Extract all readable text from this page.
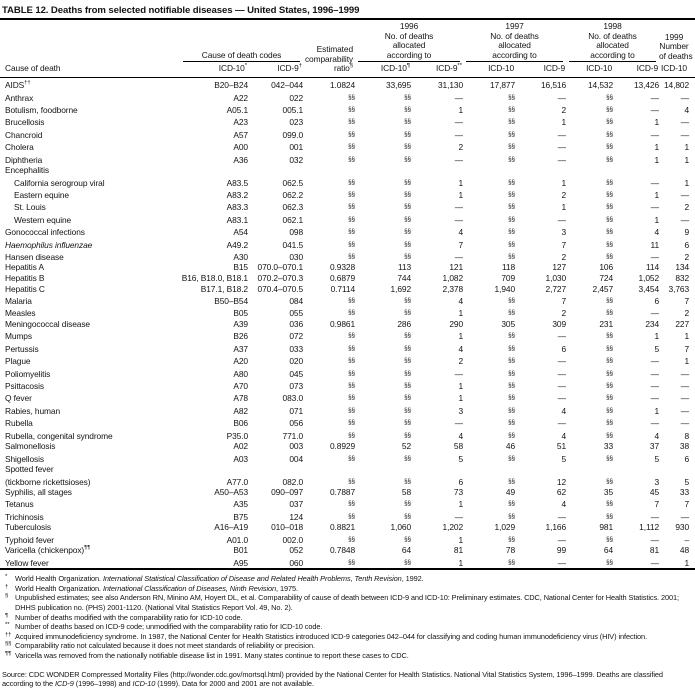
TABLE 12. Deaths from selected notifiable diseases — United States, 1996–1999
Cause of death	
Cause of death codes

Estimated
comparability
ratio§

1996
No. of deaths
allocated
according to

1997
No. of deaths
allocated
according to

1998
No. of deaths
allocated
according to

1999
Number
of deaths
ICD-10

	ICD-10*	ICD-9†		ICD-10¶	ICD-9**	ICD-10	ICD-9	ICD-10	ICD-9	
AIDS††	B20–B24	042–044	1.0824	33,695	31,130	17,877	16,516	14,532	13,426	14,802
Anthrax	A22	022	§§	§§	—	§§	—	§§	—	—
Botulism, foodborne	A05.1	005.1	§§	§§	1	§§	2	§§	—	4
Brucellosis	A23	023	§§	§§	—	§§	1	§§	1	—
Chancroid	A57	099.0	§§	§§	—	§§	—	§§	—	—
Cholera	A00	001	§§	§§	2	§§	—	§§	1	1
Diphtheria	A36	032	§§	§§	—	§§	—	§§	1	1
Encephalitis										
California serogroup viral	A83.5	062.5	§§	§§	1	§§	1	§§	—	1
Eastern equine	A83.2	062.2	§§	§§	1	§§	2	§§	1	—
St. Louis	A83.3	062.3	§§	§§	—	§§	1	§§	—	2
Western equine	A83.1	062.1	§§	§§	—	§§	—	§§	1	—
Gonococcal infections	A54	098	§§	§§	4	§§	3	§§	4	9
Haemophilus influenzae	A49.2	041.5	§§	§§	7	§§	7	§§	11	6
Hansen disease	A30	030	§§	§§	—	§§	2	§§	—	2
Hepatitis A	B15	070.0–070.1	0.9328	113	121	118	127	106	114	134
Hepatitis B	B16, B18.0, B18.1	070.2–070.3	0.6879	744	1,082	709	1,030	724	1,052	832
Hepatitis C	B17.1, B18.2	070.4–070.5	0.7114	1,692	2,378	1,940	2,727	2,457	3,454	3,763
Malaria	B50–B54	084	§§	§§	4	§§	7	§§	6	7
Measles	B05	055	§§	§§	1	§§	2	§§	—	2
Meningococcal disease	A39	036	0.9861	286	290	305	309	231	234	227
Mumps	B26	072	§§	§§	1	§§	—	§§	1	1
Pertussis	A37	033	§§	§§	4	§§	6	§§	5	7
Plague	A20	020	§§	§§	2	§§	—	§§	—	1
Poliomyelitis	A80	045	§§	§§	—	§§	—	§§	—	—
Psittacosis	A70	073	§§	§§	1	§§	—	§§	—	—
Q fever	A78	083.0	§§	§§	1	§§	—	§§	—	—
Rabies, human	A82	071	§§	§§	3	§§	4	§§	1	—
Rubella	B06	056	§§	§§	—	§§	—	§§	—	—
Rubella, congenital syndrome	P35.0	771.0	§§	§§	4	§§	4	§§	4	8
Salmonellosis	A02	003	0.8929	52	58	46	51	33	37	38
Shigellosis	A03	004	§§	§§	5	§§	5	§§	5	6
Spotted fever										
(tickborne rickettsioses)	A77.0	082.0	§§	§§	6	§§	12	§§	3	5
Syphilis, all stages	A50–A53	090–097	0.7887	58	73	49	62	35	45	33
Tetanus	A35	037	§§	§§	1	§§	4	§§	7	7
Trichinosis	B75	124	§§	§§	—	§§	—	§§	—	—
Tuberculosis	A16–A19	010–018	0.8821	1,060	1,202	1,029	1,166	981	1,112	930
Typhoid fever	A01.0	002.0	§§	§§	1	§§	—	§§	—	–
Varicella (chickenpox)¶¶	B01	052	0.7848	64	81	78	99	64	81	48
Yellow fever	A95	060	§§	§§	1	§§	—	§§	—	1
* World Health Organization. International Statistical Classification of Disease and Related Health Problems, Tenth Revision, 1992.
† World Health Organization. International Classification of Diseases, Ninth Revision, 1975.
§ Unpublished estimates; see also Anderson RN, Minino AM, Hoyert DL, et al. Comparability of cause of death between ICD-9 and ICD-10: Preliminary estimates. CDC, National Center for Health Statistics. 2001; DHHS publication no. (PHS) 2001-1120. (National Vital Statistics Report Vol. 49, No. 2).
¶ Number of deaths modified with the comparability ratio for ICD-10 code.
** Number of deaths based on ICD-9 code; unmodified with the comparability ratio for ICD-10 code.
†† Acquired immunodeficiency syndrome. In 1987, the National Center for Health Statistics introduced ICD-9 categories 042–044 for classifying and coding human immunodeficiency virus (HIV) infection.
§§ Comparability ratio not calculated because it does not meet standards of reliability or precision.
¶¶ Varicella was removed from the nationally notifiable disease list in 1991. Many states continue to report these cases to CDC.
Source: CDC WONDER Compressed Mortality Files (http://wonder.cdc.gov/mortsql.html) provided by the National Center for Health Statistics. National Vital Statistics System, 1996–1999. Deaths are classified according to the ICD-9 (1996–1998) and ICD-10 (1999). Data for 2000 and 2001 are not available.
